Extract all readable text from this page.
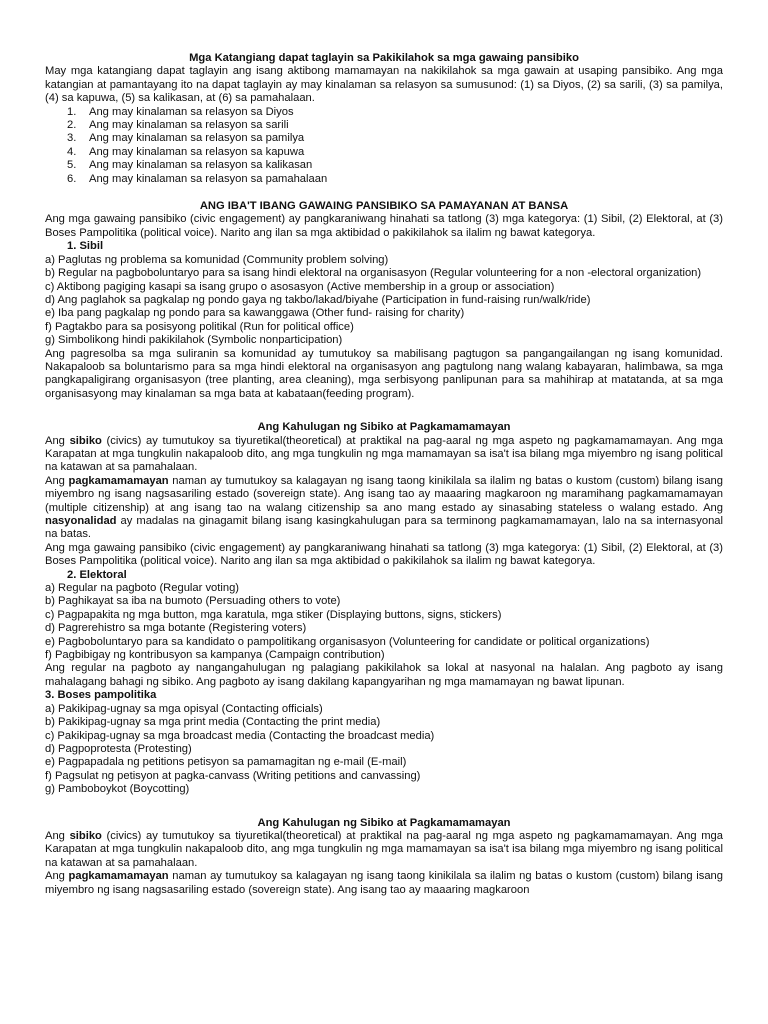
Mga Katangiang dapat taglayin sa Pakikilahok sa mga gawaing pansibiko

May mga katangiang dapat taglayin ang isang aktibong mamamayan na nakikilahok sa mga gawain at usaping pansibiko. Ang mga katangian at pamantayang ito na dapat taglayin ay may kinalaman sa relasyon sa sumusunod: (1) sa Diyos, (2) sa sarili, (3) sa pamilya, (4) sa kapuwa, (5) sa kalikasan, at (6) sa pamahalaan.

1.	Ang may kinalaman sa relasyon sa Diyos
2.	Ang may kinalaman sa relasyon sa sarili
3.	Ang may kinalaman sa relasyon sa pamilya
4.	Ang may kinalaman sa relasyon sa kapuwa
5.	Ang may kinalaman sa relasyon sa kalikasan
6.	Ang may kinalaman sa relasyon sa pamahalaan

ANG IBA'T IBANG GAWAING PANSIBIKO SA PAMAYANAN AT BANSA

Ang mga gawaing pansibiko (civic engagement) ay pangkaraniwang hinahati sa tatlong (3) mga kategorya: (1) Sibil, (2) Elektoral, at (3) Boses Pampolitika (political voice). Narito ang ilan sa mga aktibidad o pakikilahok sa ilalim ng bawat kategorya.

1. Sibil

a) Paglutas ng problema sa komunidad (Community problem solving)

b) Regular na pagboboluntaryo para sa isang hindi elektoral na organisasyon (Regular volunteering for a non -electoral organization)

c) Aktibong pagiging kasapi sa isang grupo o asosasyon (Active membership in a group or association)

d) Ang paglahok sa pagkalap ng pondo gaya ng takbo/lakad/biyahe (Participation in fund-raising run/walk/ride)

e) Iba pang pagkalap ng pondo para sa kawanggawa (Other fund- raising for charity)

f) Pagtakbo para sa posisyong politikal (Run for political office)

g) Simbolikong hindi pakikilahok (Symbolic nonparticipation)

Ang pagresolba sa mga suliranin sa komunidad ay tumutukoy sa mabilisang pagtugon sa pangangailangan ng isang komunidad. Nakapaloob sa boluntarismo para sa mga hindi elektoral na organisasyon ang pagtulong nang walang kabayaran, halimbawa, sa mga pangkapaligirang organisasyon (tree planting, area cleaning), mga serbisyong panlipunan para sa mahihirap at matatanda, at sa mga organisasyong may kinalaman sa mga bata at kabataan(feeding program).

Ang Kahulugan ng Sibiko at Pagkamamamayan

Ang sibiko (civics) ay tumutukoy sa tiyuretikal(theoretical) at praktikal na pag-aaral ng mga aspeto ng pagkamamamayan. Ang mga Karapatan at mga tungkulin nakapaloob dito, ang mga tungkulin ng mga mamamayan sa isa't isa bilang mga miyembro ng isang political na katawan at sa pamahalaan.

Ang pagkamamamayan naman ay tumutukoy sa kalagayan ng isang taong kinikilala sa ilalim ng batas o kustom (custom) bilang isang miyembro ng isang nagsasariling estado (sovereign state). Ang isang tao ay maaaring magkaroon ng maramihang pagkamamamayan (multiple citizenship) at ang isang tao na walang citizenship sa ano mang estado ay sinasabing stateless o walang estado. Ang nasyonalidad ay madalas na ginagamit bilang isang kasingkahulugan para sa terminong pagkamamamayan, lalo na sa internasyonal na batas.

Ang mga gawaing pansibiko (civic engagement) ay pangkaraniwang hinahati sa tatlong (3) mga kategorya: (1) Sibil, (2) Elektoral, at (3) Boses Pampolitika (political voice). Narito ang ilan sa mga aktibidad o pakikilahok sa ilalim ng bawat kategorya.

2. Elektoral

a) Regular na pagboto (Regular voting)

b) Paghikayat sa iba na bumoto (Persuading others to vote)

c) Pagpapakita ng mga button, mga karatula, mga stiker (Displaying buttons, signs, stickers)

d) Pagrerehistro sa mga botante (Registering voters)

e) Pagboboluntaryo para sa kandidato o pampolitikang organisasyon (Volunteering for candidate or political organizations)

f) Pagbibigay ng kontribusyon sa kampanya (Campaign contribution)

Ang regular na pagboto ay nangangahulugan ng palagiang pakikilahok sa lokal at nasyonal na halalan. Ang pagboto ay isang mahalagang bahagi ng sibiko. Ang pagboto ay isang dakilang kapangyarihan ng mga mamamayan ng bawat lipunan.

3. Boses pampolitika

a) Pakikipag-ugnay sa mga opisyal (Contacting officials)

b) Pakikipag-ugnay sa mga print media (Contacting the print media)

c) Pakikipag-ugnay sa mga broadcast media (Contacting the broadcast media)

d) Pagpoprotesta (Protesting)

e) Pagpapadala ng petitions petisyon sa pamamagitan ng e-mail (E-mail)

f) Pagsulat ng petisyon at pagka-canvass (Writing petitions and canvassing)

g) Pamboboykot (Boycotting)

Ang Kahulugan ng Sibiko at Pagkamamamayan

Ang sibiko (civics) ay tumutukoy sa tiyuretikal(theoretical) at praktikal na pag-aaral ng mga aspeto ng pagkamamamayan. Ang mga Karapatan at mga tungkulin nakapaloob dito, ang mga tungkulin ng mga mamamayan sa isa't isa bilang mga miyembro ng isang political na katawan at sa pamahalaan.

Ang pagkamamamayan naman ay tumutukoy sa kalagayan ng isang taong kinikilala sa ilalim ng batas o kustom (custom) bilang isang miyembro ng isang nagsasariling estado (sovereign state). Ang isang tao ay maaaring magkaroon
